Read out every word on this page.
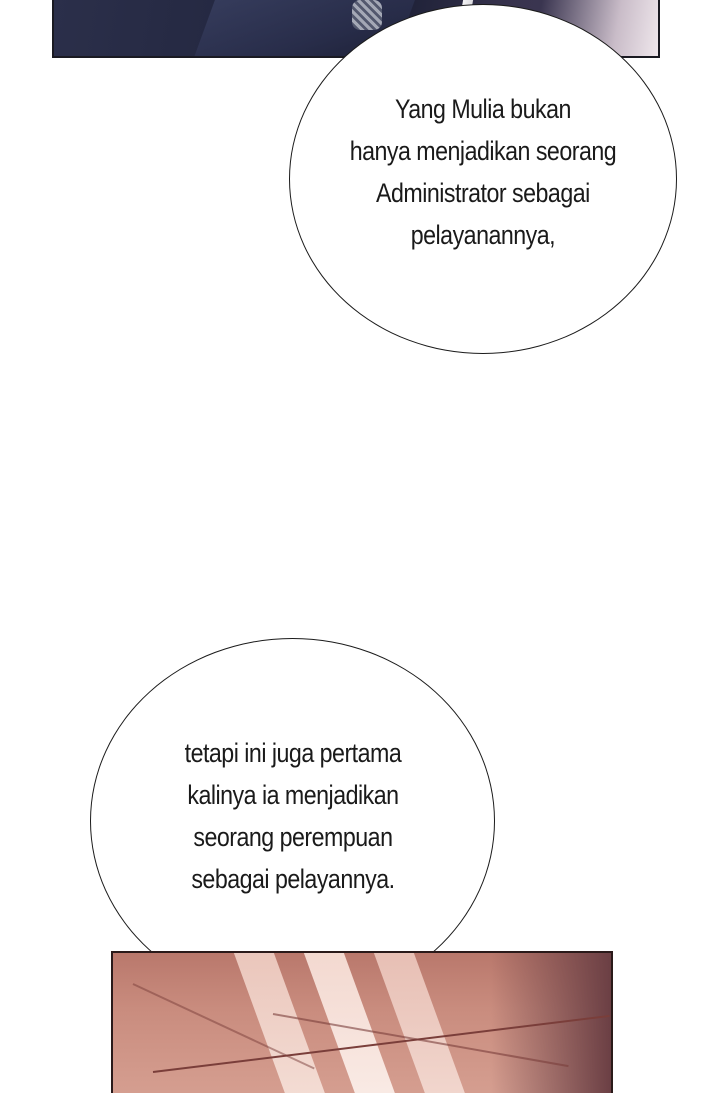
Yang Mulia bukan
hanya menjadikan seorang
Administrator sebagai
pelayanannya,
tetapi ini juga pertama
kalinya ia menjadikan
seorang perempuan
sebagai pelayannya.
